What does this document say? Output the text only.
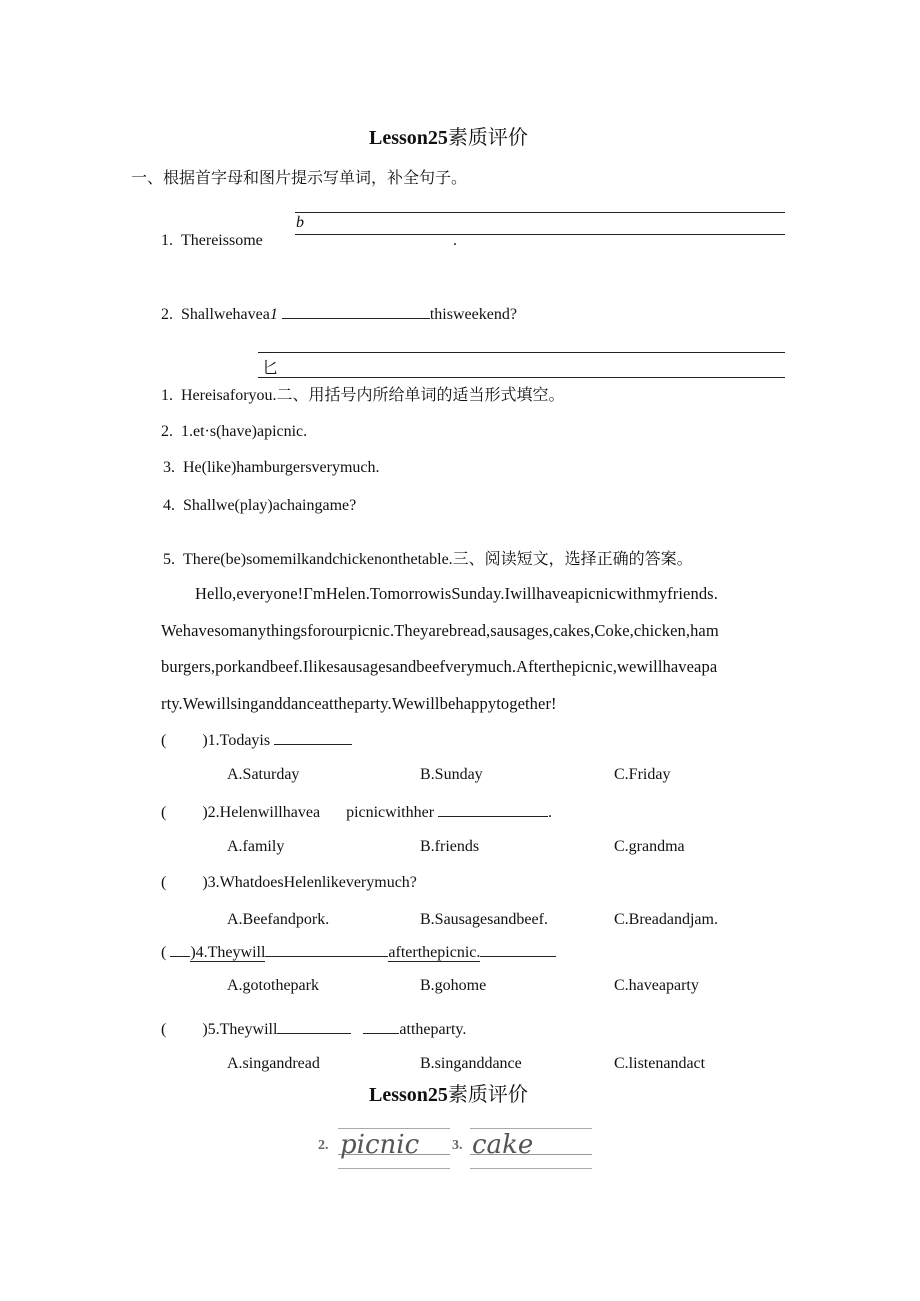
Lesson25素质评价
一、根据首字母和图片提示写单词，补全句子。
b
1. Thereissome	.
2. Shallwehavea1	thisweekend?
匕
1. Hereisaforyou.二、用括号内所给单词的适当形式填空。
2. 1.et·s(have)apicnic.
3. He(like)hamburgersverymuch.
4. Shallwe(play)achaingame?
5. There(be)somemilkandchickenonthetable.三、阅读短文，选择正确的答案。
Hello,everyone!ΓmHelen.TomorrowisSunday.Iwillhaveapicnicwithmyfriends.
Wehavesomanythingsforourpicnic.Theyarebread,sausages,cakes,Coke,chicken,ham
burgers,porkandbeef.Ilikesausagesandbeefverymuch.Afterthepicnic,wewillhaveapa
rty.Wewillsinganddanceattheparty.Wewillbehappytogether!
( )1.Todayis
A.Saturday	B.Sunday	C.Friday
( )2.Helenwillhavea picnicwithher	.
A.family	B.friends	C.grandma
( )3.WhatdoesHelenlikeverymuch?
A.Beefandpork.	B.Sausagesandbeef.	C.Breadandjam.
( )4.Theywill	afterthepicnic.
A.gotothepark	B.gohome	C.haveaparty
( )5.Theywill	attheparty.
A.singandread	B.singanddance	C.listenandact
Lesson25素质评价
2. picnic 3. cake
